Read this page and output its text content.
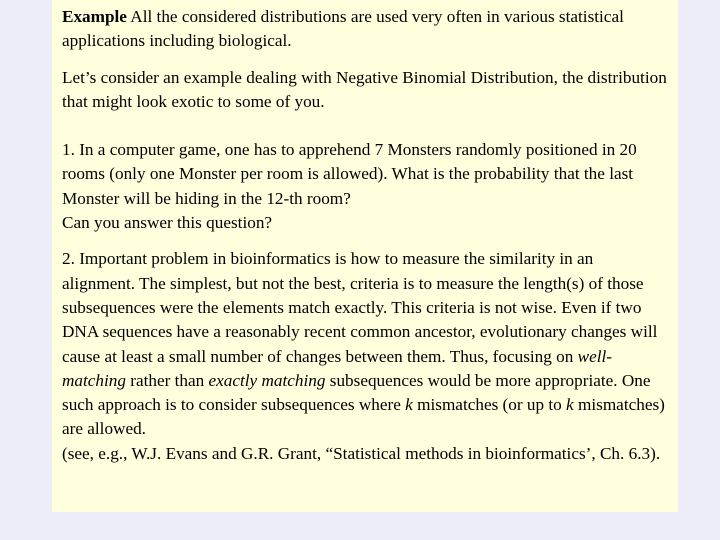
Example All the considered distributions are used very often in various statistical applications including biological.

Let’s consider an example dealing with Negative Binomial Distribution, the distribution that might look exotic to some of you.

1. In a computer game, one has to apprehend 7 Monsters randomly positioned in 20 rooms (only one Monster per room is allowed). What is the probability that the last Monster will be hiding in the 12-th room?
Can you answer this question?

2. Important problem in bioinformatics is how to measure the similarity in an alignment. The simplest, but not the best, criteria is to measure the length(s) of those subsequences were the elements match exactly. This criteria is not wise. Even if two DNA sequences have a reasonably recent common ancestor, evolutionary changes will cause at least a small number of changes between them. Thus, focusing on well-matching rather than exactly matching subsequences would be more appropriate. One such approach is to consider subsequences where k mismatches (or up to k mismatches) are allowed.
(see, e.g., W.J. Evans and G.R. Grant, “Statistical methods in bioinformatics’, Ch. 6.3).
